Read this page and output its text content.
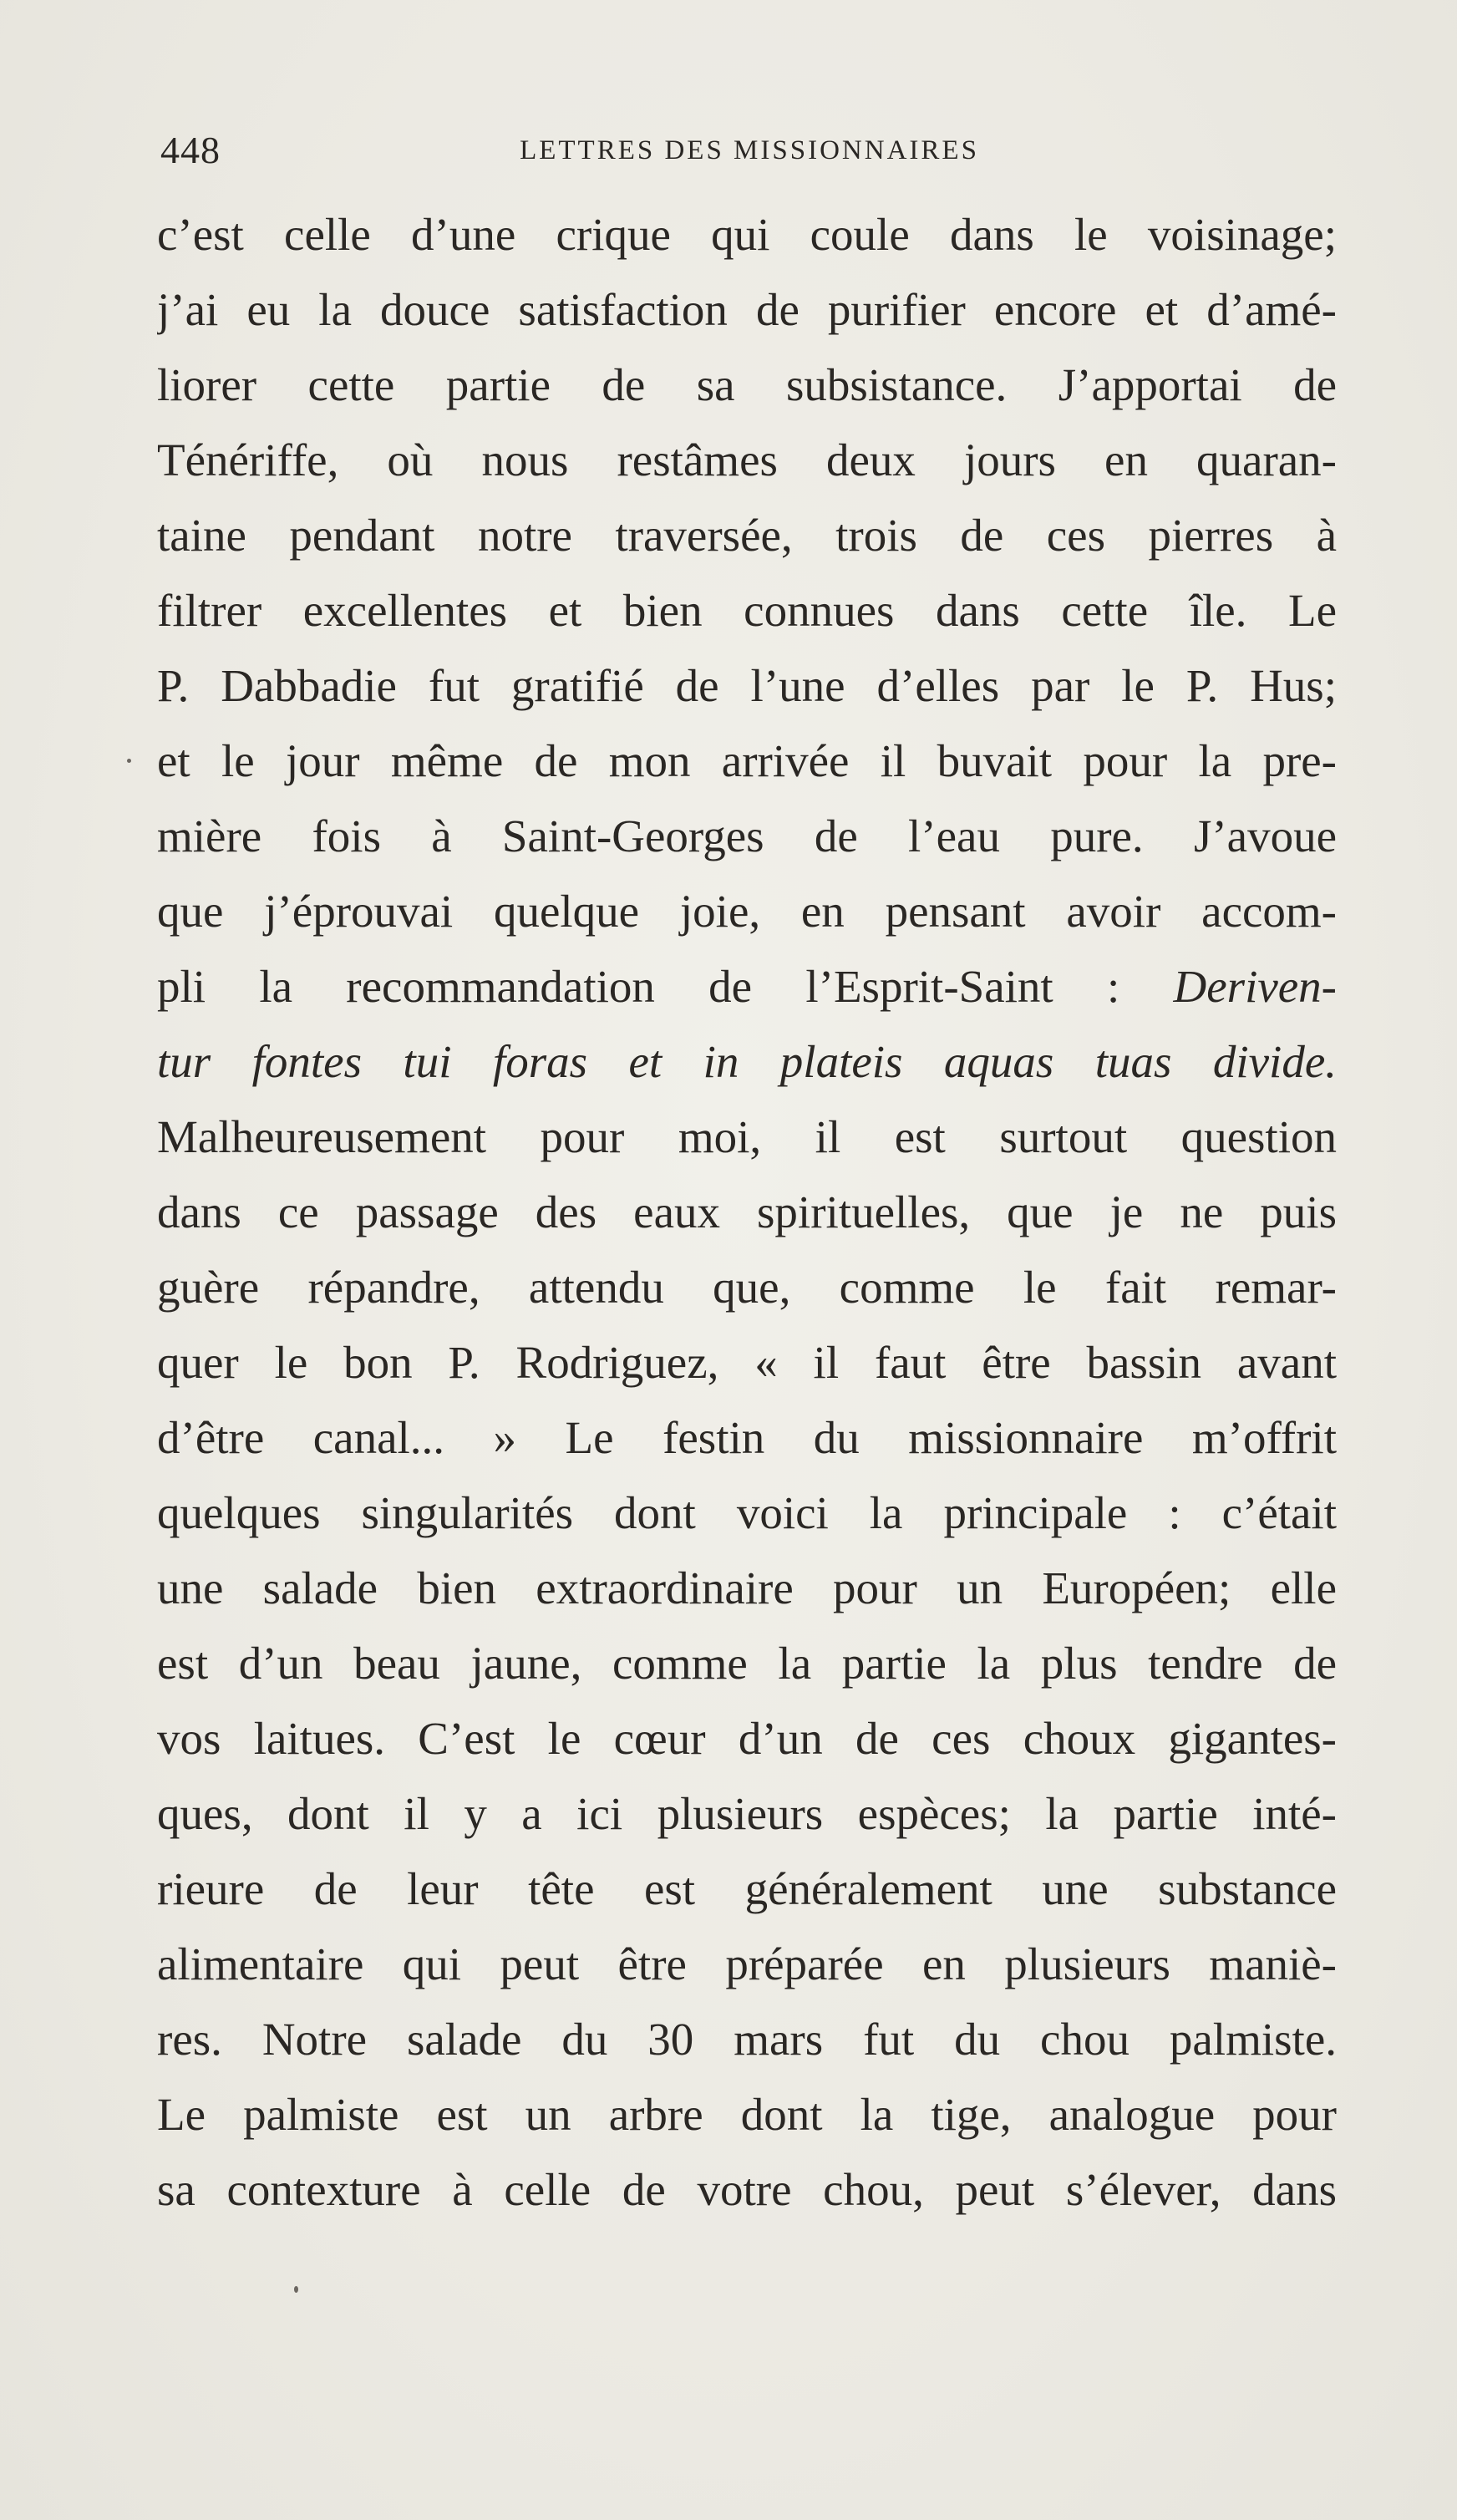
448	LETTRES DES MISSIONNAIRES
c’est celle d’une crique qui coule dans le voisinage;
j’ai eu la douce satisfaction de purifier encore et d’amé-
liorer cette partie de sa subsistance. J’apportai de
Ténériffe, où nous restâmes deux jours en quaran-
taine pendant notre traversée, trois de ces pierres à
filtrer excellentes et bien connues dans cette île. Le
P. Dabbadie fut gratifié de l’une d’elles par le P. Hus;
et le jour même de mon arrivée il buvait pour la pre-
mière fois à Saint-Georges de l’eau pure. J’avoue
que j’éprouvai quelque joie, en pensant avoir accom-
pli la recommandation de l’Esprit-Saint : Deriven-
tur fontes tui foras et in plateis aquas tuas divide.
Malheureusement pour moi, il est surtout question
dans ce passage des eaux spirituelles, que je ne puis
guère répandre, attendu que, comme le fait remar-
quer le bon P. Rodriguez, « il faut être bassin avant
d’être canal... » Le festin du missionnaire m’offrit
quelques singularités dont voici la principale : c’était
une salade bien extraordinaire pour un Européen; elle
est d’un beau jaune, comme la partie la plus tendre de
vos laitues. C’est le cœur d’un de ces choux gigantes-
ques, dont il y a ici plusieurs espèces; la partie inté-
rieure de leur tête est généralement une substance
alimentaire qui peut être préparée en plusieurs maniè-
res. Notre salade du 30 mars fut du chou palmiste.
Le palmiste est un arbre dont la tige, analogue pour
sa contexture à celle de votre chou, peut s’élever, dans
